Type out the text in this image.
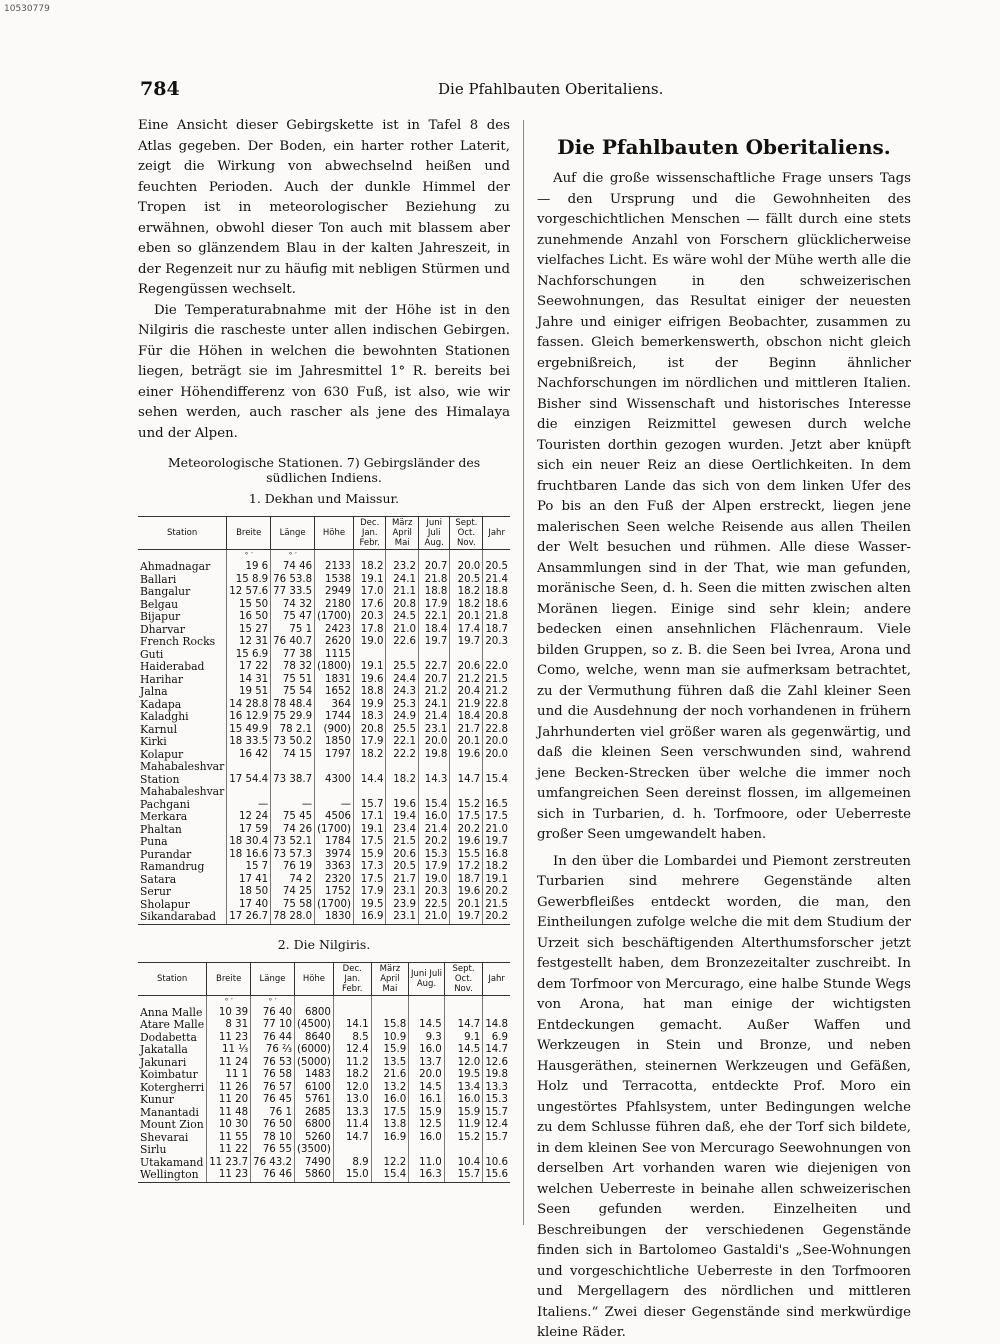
10530779
784	Die Pfahlbauten Oberitaliens.

Eine Ansicht dieser Gebirgskette ist in Tafel 8 des Atlas gegeben. Der Boden, ein harter rother Laterit, zeigt die Wirkung von abwechselnd heißen und feuchten Perioden. Auch der dunkle Himmel der Tropen ist in meteorologischer Beziehung zu erwähnen, obwohl dieser Ton auch mit blassem aber eben so glänzendem Blau in der kalten Jahreszeit, in der Regenzeit nur zu häufig mit nebligen Stürmen und Regengüssen wechselt.

Die Temperaturabnahme mit der Höhe ist in den Nilgiris die rascheste unter allen indischen Gebirgen. Für die Höhen in welchen die bewohnten Stationen liegen, beträgt sie im Jahresmittel 1° R. bereits bei einer Höhendifferenz von 630 Fuß, ist also, wie wir sehen werden, auch rascher als jene des Himalaya und der Alpen.

Meteorologische Stationen. 7) Gebirgsländer des südlichen Indiens.

1. Dekhan und Maissur.

Station	Breite	Länge	Höhe	Dec. Jan. Febr.	März April Mai	Juni Juli Aug.	Sept. Oct. Nov.	Jahr
	° ′	° ′						
Ahmadnagar	19 6	74 46	2133	18.2	23.2	20.7	20.0	20.5
Ballari	15 8.9	76 53.8	1538	19.1	24.1	21.8	20.5	21.4
Bangalur	12 57.6	77 33.5	2949	17.0	21.1	18.8	18.2	18.8
Belgau	15 50	74 32	2180	17.6	20.8	17.9	18.2	18.6
Bijapur	16 50	75 47	(1700)	20.3	24.5	22.1	20.1	21.8
Dharvar	15 27	75 1	2423	17.8	21.0	18.4	17.4	18.7
French Rocks	12 31	76 40.7	2620	19.0	22.6	19.7	19.7	20.3
Guti	15 6.9	77 38	1115					
Haiderabad	17 22	78 32	(1800)	19.1	25.5	22.7	20.6	22.0
Harihar	14 31	75 51	1831	19.6	24.4	20.7	21.2	21.5
Jalna	19 51	75 54	1652	18.8	24.3	21.2	20.4	21.2
Kadapa	14 28.8	78 48.4	364	19.9	25.3	24.1	21.9	22.8
Kaladghi	16 12.9	75 29.9	1744	18.3	24.9	21.4	18.4	20.8
Karnul	15 49.9	78 2.1	(900)	20.8	25.5	23.1	21.7	22.8
Kirki	18 33.5	73 50.2	1850	17.9	22.1	20.0	20.1	20.0
Kolapur	16 42	74 15	1797	18.2	22.2	19.8	19.6	20.0
Mahabaleshvar								
Station	17 54.4	73 38.7	4300	14.4	18.2	14.3	14.7	15.4
Mahabaleshvar								
Pachgani	—	—	—	15.7	19.6	15.4	15.2	16.5
Merkara	12 24	75 45	4506	17.1	19.4	16.0	17.5	17.5
Phaltan	17 59	74 26	(1700)	19.1	23.4	21.4	20.2	21.0
Puna	18 30.4	73 52.1	1784	17.5	21.5	20.2	19.6	19.7
Purandar	18 16.6	73 57.3	3974	15.9	20.6	15.3	15.5	16.8
Ramandrug	15 7	76 19	3363	17.3	20.5	17.9	17.2	18.2
Satara	17 41	74 2	2320	17.5	21.7	19.0	18.7	19.1
Serur	18 50	74 25	1752	17.9	23.1	20.3	19.6	20.2
Sholapur	17 40	75 58	(1700)	19.5	23.9	22.5	20.1	21.5
Sikandarabad	17 26.7	78 28.0	1830	16.9	23.1	21.0	19.7	20.2

2. Die Nilgiris.

Station	Breite	Länge	Höhe	Dec. Jan. Febr.	März April Mai	Juni Juli Aug.	Sept. Oct. Nov.	Jahr
	° ′	° ′						
Anna Malle	10 39	76 40	6800					
Atare Malle	8 31	77 10	(4500)	14.1	15.8	14.5	14.7	14.8
Dodabetta	11 23	76 44	8640	8.5	10.9	9.3	9.1	6.9
Jakatalla	11 ⅓	76 ⅔	(6000)	12.4	15.9	16.0	14.5	14.7
Jakunari	11 24	76 53	(5000)	11.2	13.5	13.7	12.0	12.6
Koimbatur	11 1	76 58	1483	18.2	21.6	20.0	19.5	19.8
Kotergherri	11 26	76 57	6100	12.0	13.2	14.5	13.4	13.3
Kunur	11 20	76 45	5761	13.0	16.0	16.1	16.0	15.3
Manantadi	11 48	76 1	2685	13.3	17.5	15.9	15.9	15.7
Mount Zion	10 30	76 50	6800	11.4	13.8	12.5	11.9	12.4
Shevarai	11 55	78 10	5260	14.7	16.9	16.0	15.2	15.7
Sirlu	11 22	76 55	(3500)					
Utakamand	11 23.7	76 43.2	7490	8.9	12.2	11.0	10.4	10.6
Wellington	11 23	76 46	5860	15.0	15.4	16.3	15.7	15.6
Die Pfahlbauten Oberitaliens.

Auf die große wissenschaftliche Frage unsers Tags — den Ursprung und die Gewohnheiten des vorgeschichtlichen Menschen — fällt durch eine stets zunehmende Anzahl von Forschern glücklicherweise vielfaches Licht. Es wäre wohl der Mühe werth alle die Nachforschungen in den schweizerischen Seewohnungen, das Resultat einiger der neuesten Jahre und einiger eifrigen Beobachter, zusammen zu fassen. Gleich bemerkenswerth, obschon nicht gleich ergebnißreich, ist der Beginn ähnlicher Nachforschungen im nördlichen und mittleren Italien. Bisher sind Wissenschaft und historisches Interesse die einzigen Reizmittel gewesen durch welche Touristen dorthin gezogen wurden. Jetzt aber knüpft sich ein neuer Reiz an diese Oertlichkeiten. In dem fruchtbaren Lande das sich von dem linken Ufer des Po bis an den Fuß der Alpen erstreckt, liegen jene malerischen Seen welche Reisende aus allen Theilen der Welt besuchen und rühmen. Alle diese Wasser-Ansammlungen sind in der That, wie man gefunden, moränische Seen, d. h. Seen die mitten zwischen alten Moränen liegen. Einige sind sehr klein; andere bedecken einen ansehnlichen Flächenraum. Viele bilden Gruppen, so z. B. die Seen bei Ivrea, Arona und Como, welche, wenn man sie aufmerksam betrachtet, zu der Vermuthung führen daß die Zahl kleiner Seen und die Ausdehnung der noch vorhandenen in frühern Jahrhunderten viel größer waren als gegenwärtig, und daß die kleinen Seen verschwunden sind, wahrend jene Becken-Strecken über welche die immer noch umfangreichen Seen dereinst flossen, im allgemeinen sich in Turbarien, d. h. Torfmoore, oder Ueberreste großer Seen umgewandelt haben.

In den über die Lombardei und Piemont zerstreuten Turbarien sind mehrere Gegenstände alten Gewerbfleißes entdeckt worden, die man, den Eintheilungen zufolge welche die mit dem Studium der Urzeit sich beschäftigenden Alterthumsforscher jetzt festgestellt haben, dem Bronzezeitalter zuschreibt. In dem Torfmoor von Mercurago, eine halbe Stunde Wegs von Arona, hat man einige der wichtigsten Entdeckungen gemacht. Außer Waffen und Werkzeugen in Stein und Bronze, und neben Hausgeräthen, steinernen Werkzeugen und Gefäßen, Holz und Terracotta, entdeckte Prof. Moro ein ungestörtes Pfahlsystem, unter Bedingungen welche zu dem Schlusse führen daß, ehe der Torf sich bildete, in dem kleinen See von Mercurago Seewohnungen von derselben Art vorhanden waren wie diejenigen von welchen Ueberreste in beinahe allen schweizerischen Seen gefunden werden. Einzelheiten und Beschreibungen der verschiedenen Gegenstände finden sich in Bartolomeo Gastaldi's „See-Wohnungen und vorgeschichtliche Ueberreste in den Torfmooren und Mergellagern des nördlichen und mittleren Italiens.“ Zwei dieser Gegenstände sind merkwürdige kleine Räder.
